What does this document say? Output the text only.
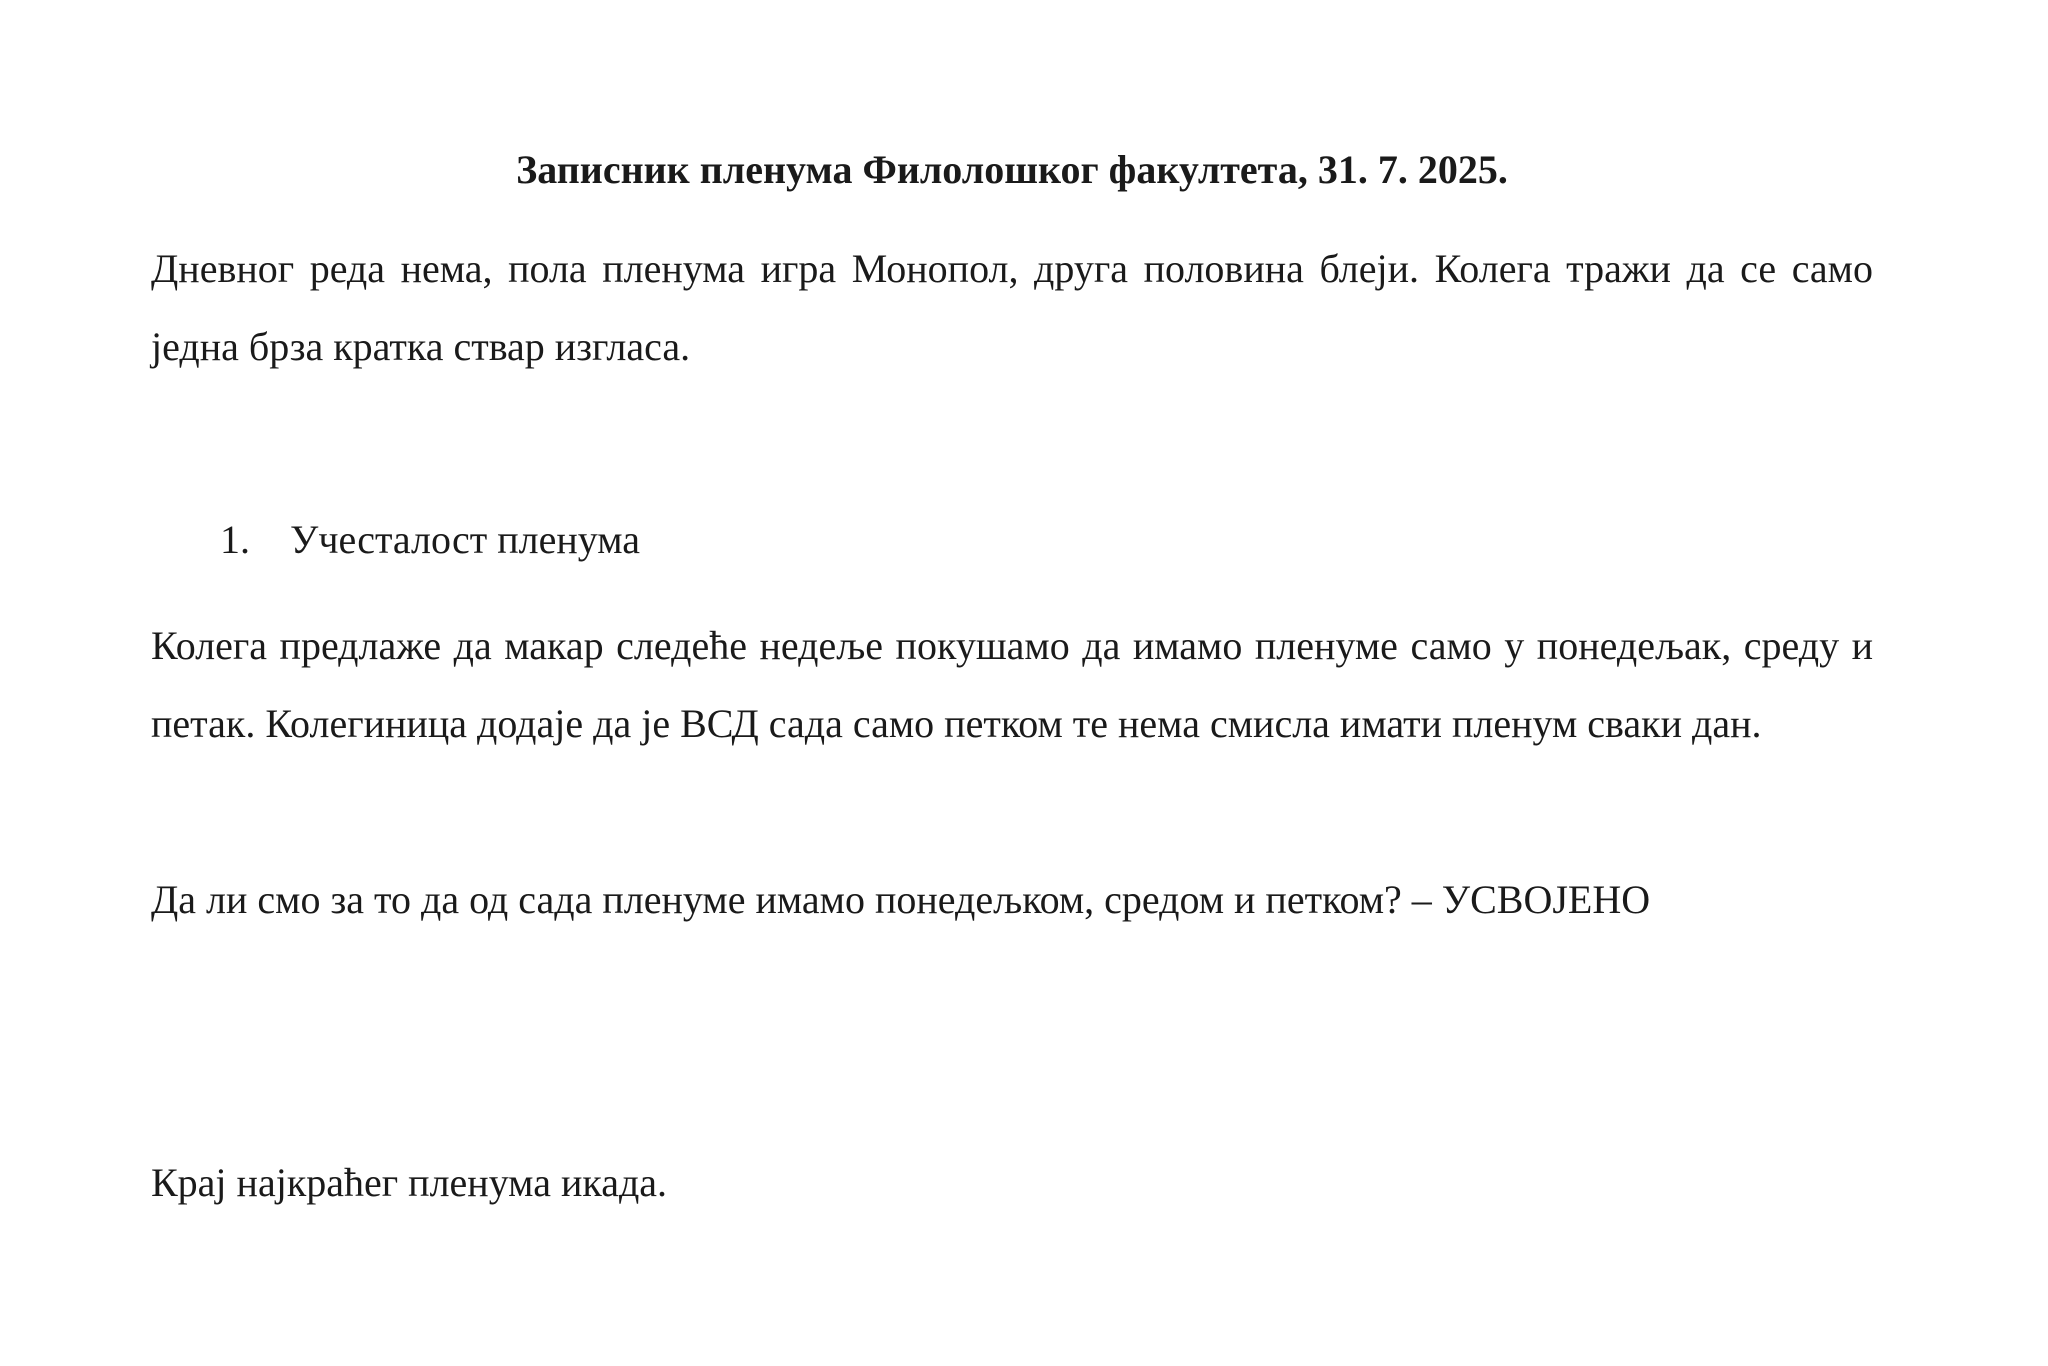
Записник пленума Филолошког факултета, 31. 7. 2025.

Дневног реда нема, пола пленума игра Монопол, друга половина блеји. Колега тражи да се само једна брза кратка ствар изгласа.

1. Учесталост пленума

Колега предлаже да макар следеће недеље покушамо да имамо пленуме само у понедељак, среду и петак. Колегиница додаје да је ВСД сада само петком те нема смисла имати пленум сваки дан.

Да ли смо за то да од сада пленуме имамо понедељком, средом и петком? – УСВОЈЕНО

Крај најкраћег пленума икада.
